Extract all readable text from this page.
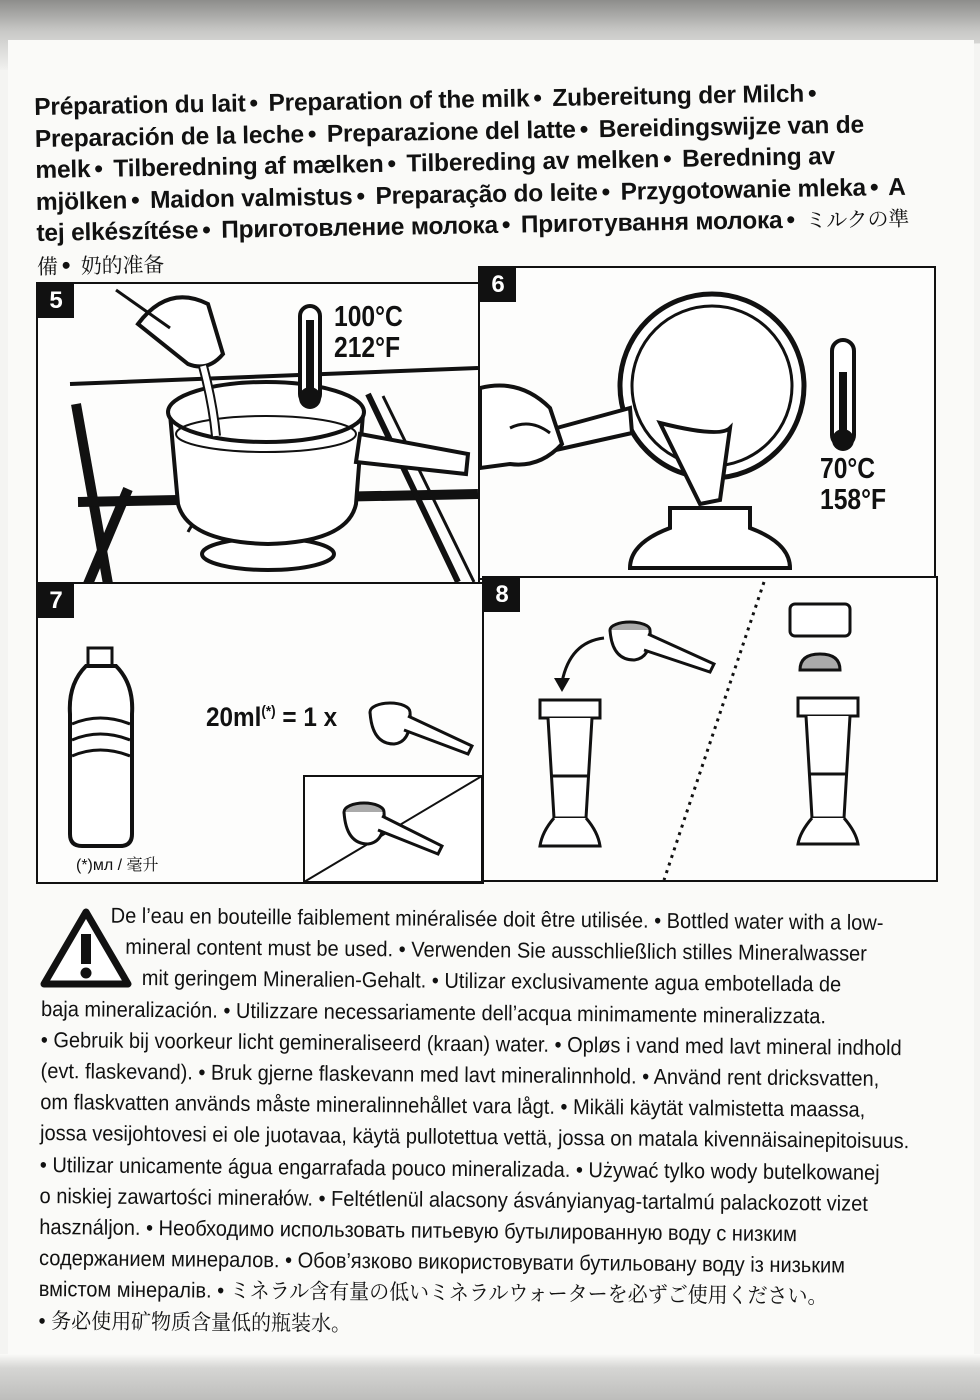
Préparation du lait • Preparation of the milk • Zubereitung der Milch • Preparación de la leche • Preparazione del latte • Bereidingswijze van de melk • Tilberedning af mælken • Tilbereding av melken • Beredning av mjölken • Maidon valmistus • Preparação do leite • Przygotowanie mleka • A tej elkészítése • Приготовление молока • Приготування молока • ミルクの準備 • 奶的准备
5
100°C
212°F
6
70°C
158°F
7
20ml(*) = 1 x
(*)мл / 毫升
8
De l’eau en bouteille faiblement minéralisée doit être utilisée. • Bottled water with a low-
mineral content must be used. • Verwenden Sie ausschließlich stilles Mineralwasser
mit geringem Mineralien-Gehalt. • Utilizar exclusivamente agua embotellada de
baja mineralización. • Utilizzare necessariamente dell’acqua minimamente mineralizzata.
• Gebruik bij voorkeur licht gemineraliseerd (kraan) water. • Opløs i vand med lavt mineral indhold
(evt. flaskevand). • Bruk gjerne flaskevann med lavt mineralinnhold. • Använd rent dricksvatten,
om flaskvatten används måste mineralinnehållet vara lågt. • Mikäli käytät valmistetta maassa,
jossa vesijohtovesi ei ole juotavaa, käytä pullotettua vettä, jossa on matala kivennäisainepitoisuus.
• Utilizar unicamente água engarrafada pouco mineralizada. • Używać tylko wody butelkowanej
o niskiej zawartości minerałów. • Feltétlenül alacsony ásványianyag-tartalmú palackozott vizet
használjon. • Необходимо использовать питьевую бутылированную воду с низким
содержанием минералов. • Обов’язково використовувати бутильовану воду із низьким
вмістом мінералів. • ミネラル含有量の低いミネラルウォーターを必ずご使用ください。
• 务必使用矿物质含量低的瓶装水。
